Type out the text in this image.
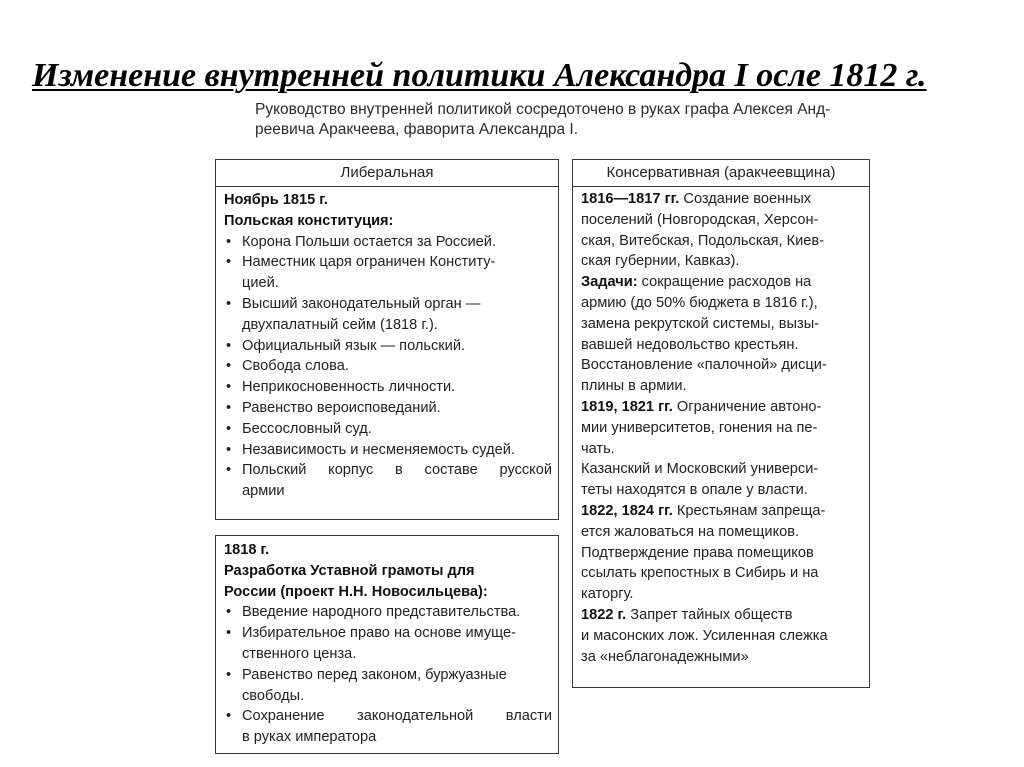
Изменение внутренней политики Александра I осле 1812 г.
Руководство внутренней политикой сосредоточено в руках графа Алексея Анд-
реевича Аракчеева, фаворита Александра I.
Либеральная
Ноябрь 1815 г.
Польская конституция:
• Корона Польши остается за Россией.
• Наместник царя ограничен Конститу-
цией.
• Высший законодательный орган —
двухпалатный сейм (1818 г.).
• Официальный язык — польский.
• Свобода слова.
• Неприкосновенность личности.
• Равенство вероисповеданий.
• Бессословный суд.
• Независимость и несменяемость судей.
• Польский корпус в составе русской
армии
1818 г.
Разработка Уставной грамоты для
России (проект Н.Н. Новосильцева):
• Введение народного представительства.
• Избирательное право на основе имуще-
ственного ценза.
• Равенство перед законом, буржуазные
свободы.
• Сохранение законодательной власти
в руках императора
Консервативная (аракчеевщина)
1816—1817 гг. Создание военных
поселений (Новгородская, Херсон-
ская, Витебская, Подольская, Киев-
ская губернии, Кавказ).
Задачи: сокращение расходов на
армию (до 50% бюджета в 1816 г.),
замена рекрутской системы, вызы-
вавшей недовольство крестьян.
Восстановление «палочной» дисци-
плины в армии.
1819, 1821 гг. Ограничение автоно-
мии университетов, гонения на пе-
чать.
Казанский и Московский универси-
теты находятся в опале у власти.
1822, 1824 гг. Крестьянам запреща-
ется жаловаться на помещиков.
Подтверждение права помещиков
ссылать крепостных в Сибирь и на
каторгу.
1822 г. Запрет тайных обществ
и масонских лож. Усиленная слежка
за «неблагонадежными»
